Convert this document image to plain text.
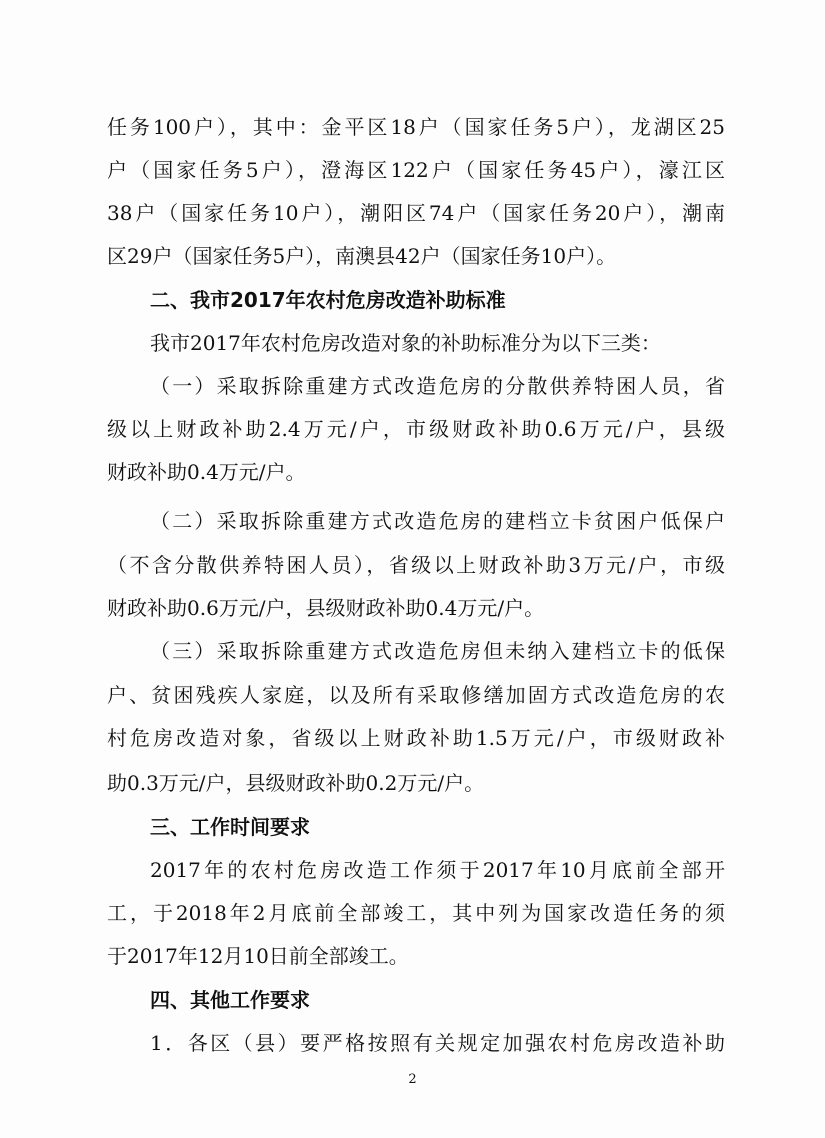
任务100户），其中：金平区18户（国家任务5户），龙湖区25
户（国家任务5户），澄海区122户（国家任务45户），濠江区
38户（国家任务10户），潮阳区74户（国家任务20户），潮南
区29户（国家任务5户），南澳县42户（国家任务10户）。
二、我市2017年农村危房改造补助标准
我市2017年农村危房改造对象的补助标准分为以下三类：
（一）采取拆除重建方式改造危房的分散供养特困人员，省
级以上财政补助2.4万元/户，市级财政补助0.6万元/户，县级
财政补助0.4万元/户。
（二）采取拆除重建方式改造危房的建档立卡贫困户低保户
（不含分散供养特困人员），省级以上财政补助3万元/户，市级
财政补助0.6万元/户，县级财政补助0.4万元/户。
（三）采取拆除重建方式改造危房但未纳入建档立卡的低保
户、贫困残疾人家庭，以及所有采取修缮加固方式改造危房的农
村危房改造对象，省级以上财政补助1.5万元/户，市级财政补
助0.3万元/户，县级财政补助0.2万元/户。
三、工作时间要求
2017年的农村危房改造工作须于2017年10月底前全部开
工，于2018年2月底前全部竣工，其中列为国家改造任务的须
于2017年12月10日前全部竣工。
四、其他工作要求
1．各区（县）要严格按照有关规定加强农村危房改造补助
2
